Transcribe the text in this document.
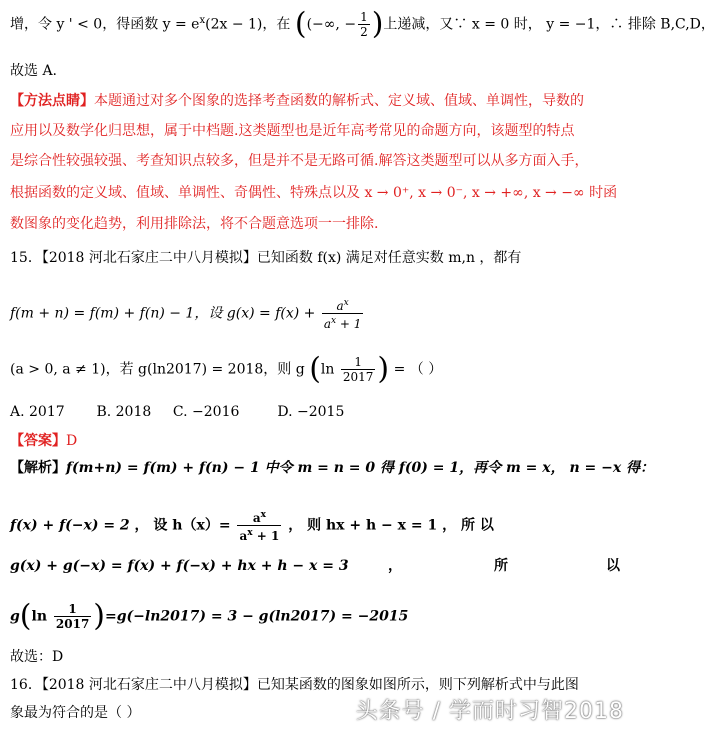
增，令 y ' < 0，得函数 $y = e^x(2x - 1)$，在 ((−∞, − $\frac{1}{2}$ )上递减，又∵ x = 0 时， y = −1，∴ 排除 B,C,D，
故选 A.
【方法点睛】本题通过对多个图象的选择考查函数的解析式、定义域、值域、单调性，导数的
应用以及数学化归思想，属于中档题.这类题型也是近年高考常见的命题方向，该题型的特点
是综合性较强较强、考查知识点较多，但是并不是无路可循.解答这类题型可以从多方面入手，
根据函数的定义域、值域、单调性、奇偶性、特殊点以及 x → 0⁺, x → 0⁻, x → +∞, x → −∞ 时函
数图象的变化趋势，利用排除法，将不合题意选项一一排除.
15．【2018 河北石家庄二中八月模拟】已知函数 f(x) 满足对任意实数 m,n ，都有
f(m + n) = f(m) + f(n) − 1，设 $g(x) = f(x) + \frac{a^x}{a^x + 1}$
(a > 0, a ≠ 1)，若 g(ln2017) = 2018，则 g ($\ln \frac{1}{2017}$ ) = （ ）
A. 2017 B. 2018 C. −2016	D. −2015
【答案】D
【解析】f(m+n) = f(m) + f(n) − 1 中令 m = n = 0 得 f(0) = 1，再令 m = x， n = −x 得：
f(x) + f(−x) = 2 ， 设 $h(x)= \frac{a^x}{a^x + 1}$ ， 则 hx + h − x = 1 ， 所 以
g(x) + g(−x) = f(x) + f(−x) + hx + h − x = 3	，	所	以
$g(\ln \frac{1}{2017} )=g(-\ln 2017) = 3 - g(\ln 2017) = -2015$
故选：D
16．【2018 河北石家庄二中八月模拟】已知某函数的图象如图所示，则下列解析式中与此图
象最为符合的是（ ）	头条号 / 学而时习智2018
